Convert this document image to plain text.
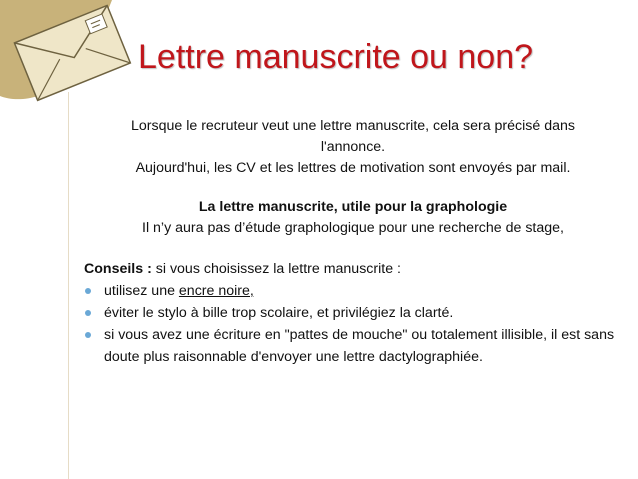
Lettre manuscrite ou non?
Lorsque le recruteur veut une lettre manuscrite, cela sera précisé dans
l'annonce.
Aujourd'hui, les CV et les lettres de motivation sont envoyés par mail.
La lettre manuscrite, utile pour la graphologie
Il n’y aura pas d’étude graphologique pour une recherche de stage,
Conseils : si vous choisissez la lettre manuscrite :
utilisez une encre noire,
éviter le stylo à bille trop scolaire, et privilégiez la clarté.
si vous avez une écriture en "pattes de mouche" ou totalement illisible, il est sans doute plus raisonnable d'envoyer une lettre dactylographiée.
